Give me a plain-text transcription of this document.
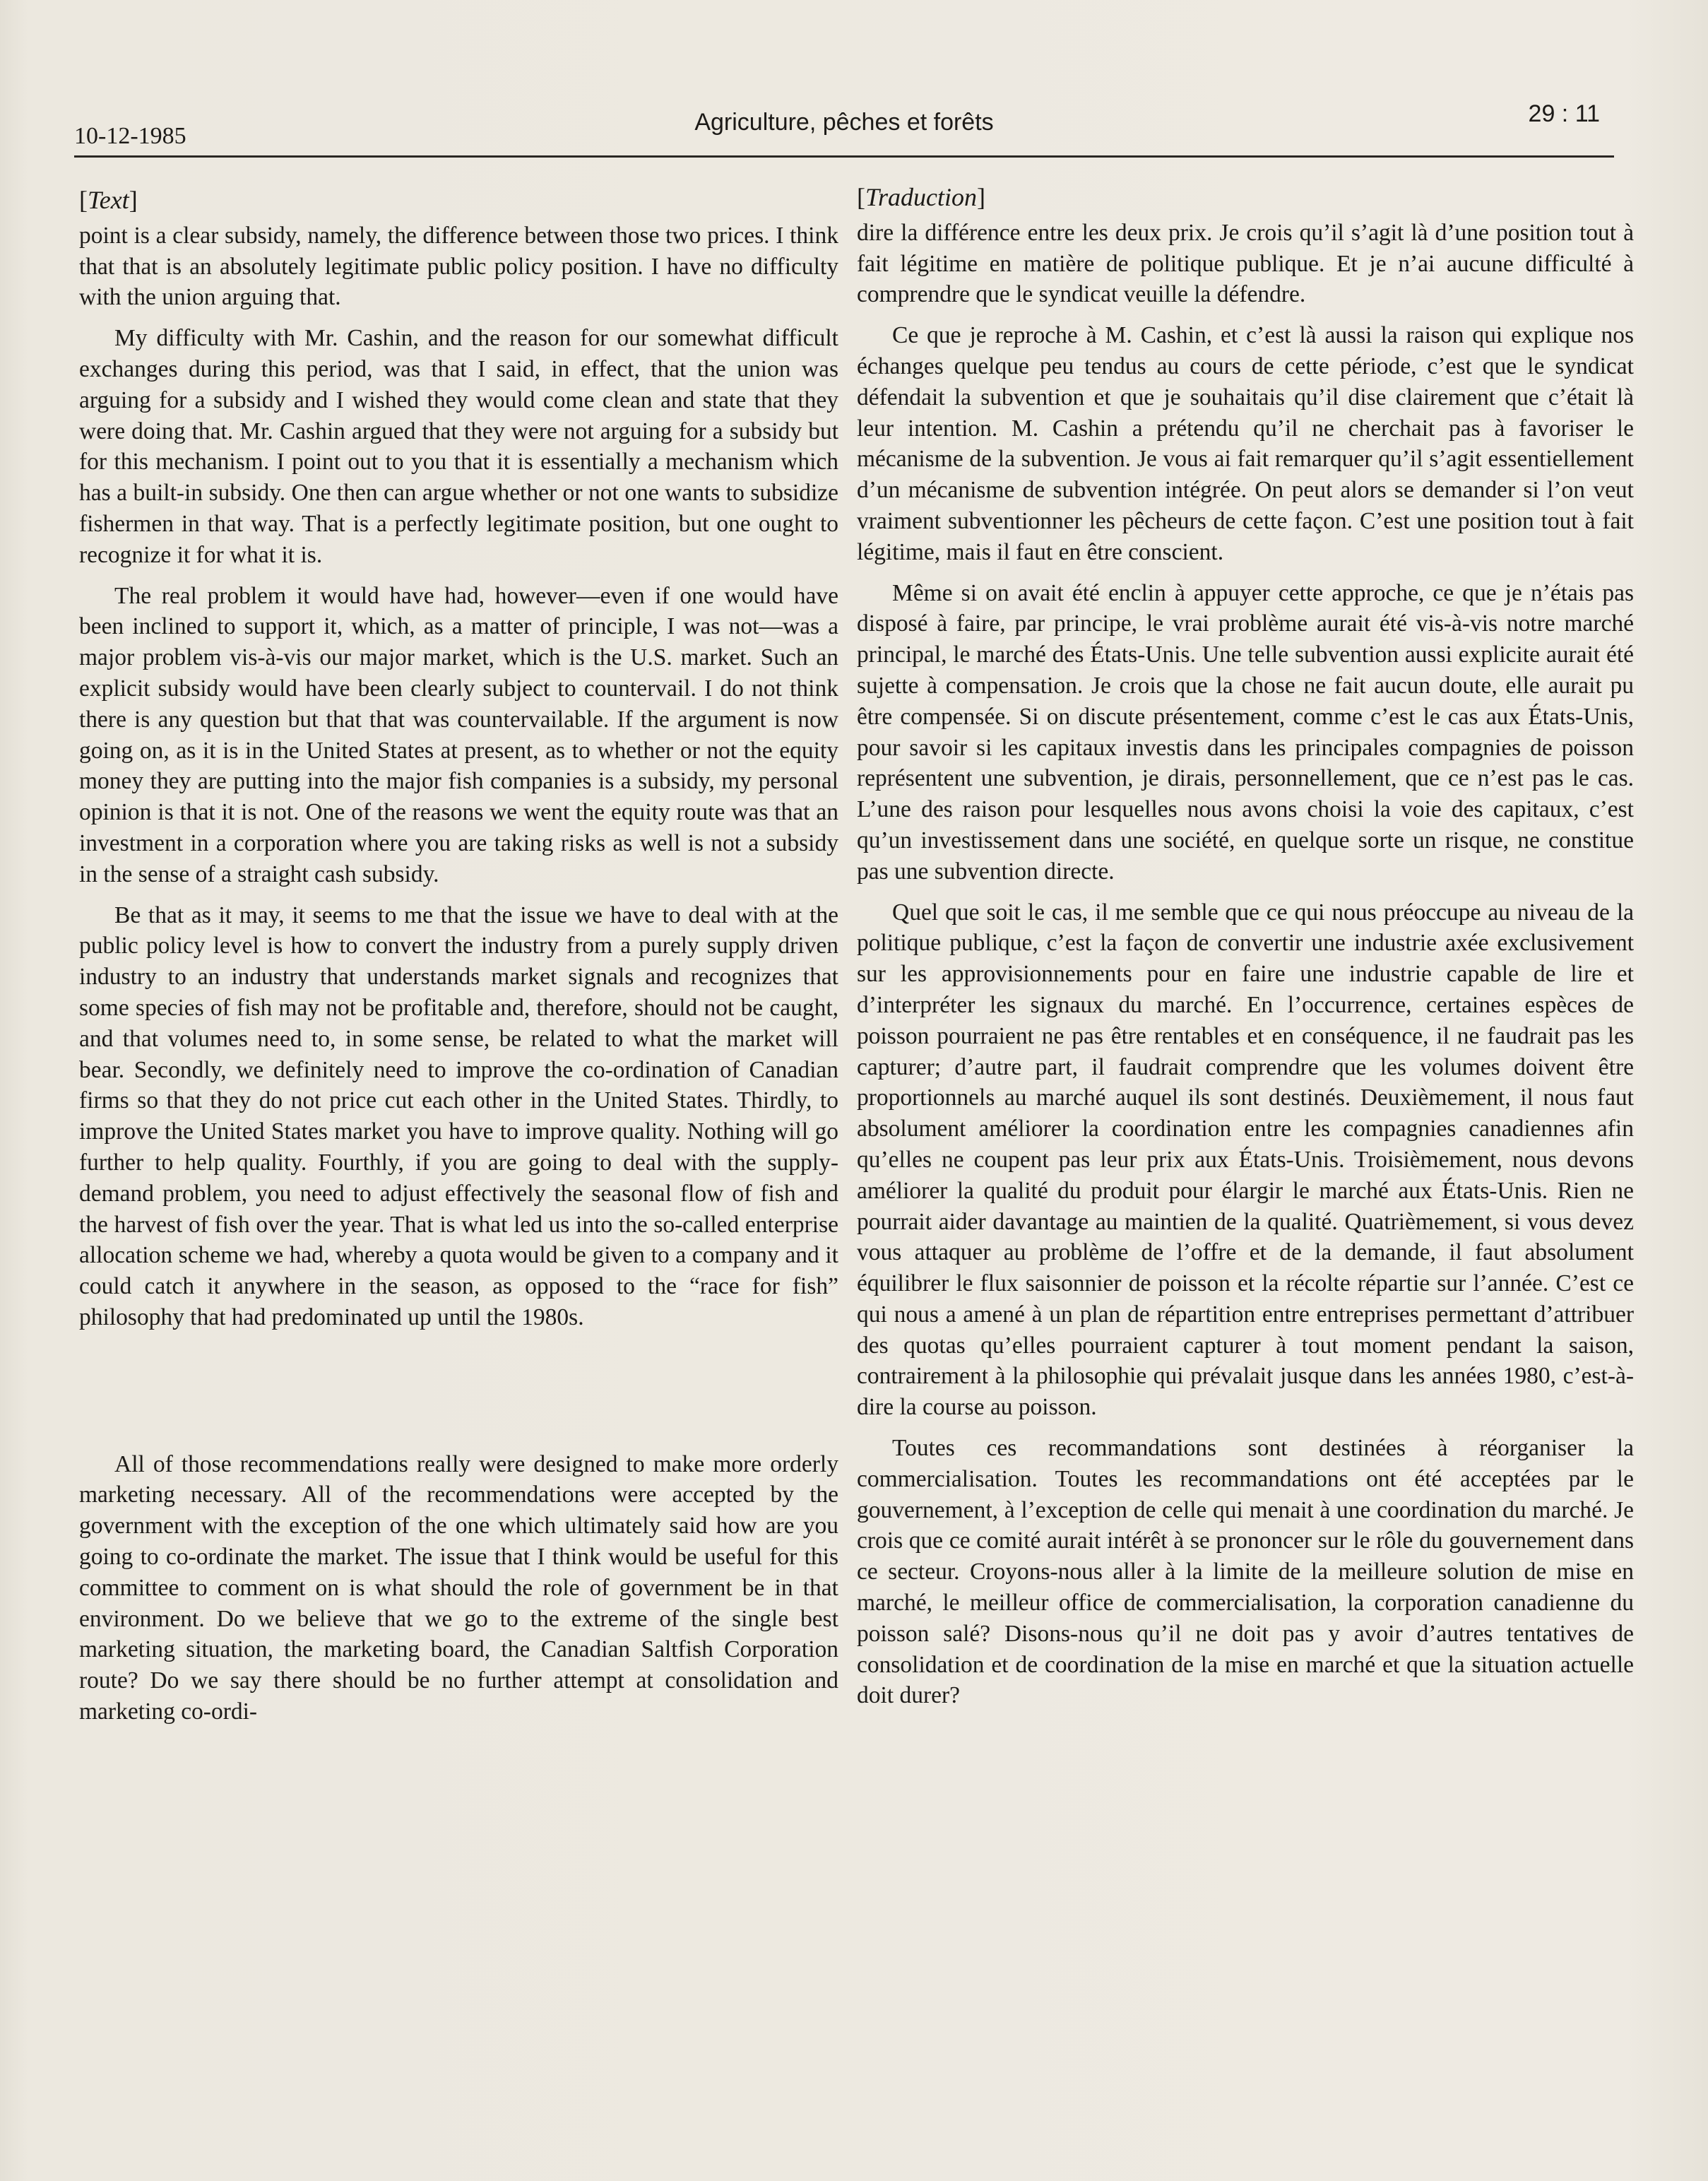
10-12-1985
Agriculture, pêches et forêts	29 : 11
[Text]

point is a clear subsidy, namely, the difference between those two prices. I think that that is an absolutely legitimate public policy position. I have no difficulty with the union arguing that.

My difficulty with Mr. Cashin, and the reason for our somewhat difficult exchanges during this period, was that I said, in effect, that the union was arguing for a subsidy and I wished they would come clean and state that they were doing that. Mr. Cashin argued that they were not arguing for a subsidy but for this mechanism. I point out to you that it is essentially a mechanism which has a built-in subsidy. One then can argue whether or not one wants to subsidize fishermen in that way. That is a perfectly legitimate position, but one ought to recognize it for what it is.

The real problem it would have had, however—even if one would have been inclined to support it, which, as a matter of principle, I was not—was a major problem vis-à-vis our major market, which is the U.S. market. Such an explicit subsidy would have been clearly subject to countervail. I do not think there is any question but that that was countervailable. If the argument is now going on, as it is in the United States at present, as to whether or not the equity money they are putting into the major fish companies is a subsidy, my personal opinion is that it is not. One of the reasons we went the equity route was that an investment in a corporation where you are taking risks as well is not a subsidy in the sense of a straight cash subsidy.

Be that as it may, it seems to me that the issue we have to deal with at the public policy level is how to convert the industry from a purely supply driven industry to an industry that understands market signals and recognizes that some species of fish may not be profitable and, therefore, should not be caught, and that volumes need to, in some sense, be related to what the market will bear. Secondly, we definitely need to improve the co-ordination of Canadian firms so that they do not price cut each other in the United States. Thirdly, to improve the United States market you have to improve quality. Nothing will go further to help quality. Fourthly, if you are going to deal with the supply-demand problem, you need to adjust effectively the seasonal flow of fish and the harvest of fish over the year. That is what led us into the so-called enterprise allocation scheme we had, whereby a quota would be given to a company and it could catch it anywhere in the season, as opposed to the “race for fish” philosophy that had predominated up until the 1980s.

All of those recommendations really were designed to make more orderly marketing necessary. All of the recommendations were accepted by the government with the exception of the one which ultimately said how are you going to co-ordinate the market. The issue that I think would be useful for this committee to comment on is what should the role of government be in that environment. Do we believe that we go to the extreme of the single best marketing situation, the marketing board, the Canadian Saltfish Corporation route? Do we say there should be no further attempt at consolidation and marketing co-ordi-

[Traduction]

dire la différence entre les deux prix. Je crois qu’il s’agit là d’une position tout à fait légitime en matière de politique publique. Et je n’ai aucune difficulté à comprendre que le syndicat veuille la défendre.

Ce que je reproche à M. Cashin, et c’est là aussi la raison qui explique nos échanges quelque peu tendus au cours de cette période, c’est que le syndicat défendait la subvention et que je souhaitais qu’il dise clairement que c’était là leur intention. M. Cashin a prétendu qu’il ne cherchait pas à favoriser le mécanisme de la subvention. Je vous ai fait remarquer qu’il s’agit essentiellement d’un mécanisme de subvention intégrée. On peut alors se demander si l’on veut vraiment subventionner les pêcheurs de cette façon. C’est une position tout à fait légitime, mais il faut en être conscient.

Même si on avait été enclin à appuyer cette approche, ce que je n’étais pas disposé à faire, par principe, le vrai problème aurait été vis-à-vis notre marché principal, le marché des États-Unis. Une telle subvention aussi explicite aurait été sujette à compensation. Je crois que la chose ne fait aucun doute, elle aurait pu être compensée. Si on discute présentement, comme c’est le cas aux États-Unis, pour savoir si les capitaux investis dans les principales compagnies de poisson représentent une subvention, je dirais, personnellement, que ce n’est pas le cas. L’une des raison pour lesquelles nous avons choisi la voie des capitaux, c’est qu’un investissement dans une société, en quelque sorte un risque, ne constitue pas une subvention directe.

Quel que soit le cas, il me semble que ce qui nous préoccupe au niveau de la politique publique, c’est la façon de convertir une industrie axée exclusivement sur les approvisionnements pour en faire une industrie capable de lire et d’interpréter les signaux du marché. En l’occurrence, certaines espèces de poisson pourraient ne pas être rentables et en conséquence, il ne faudrait pas les capturer; d’autre part, il faudrait comprendre que les volumes doivent être proportionnels au marché auquel ils sont destinés. Deuxièmement, il nous faut absolument améliorer la coordination entre les compagnies canadiennes afin qu’elles ne coupent pas leur prix aux États-Unis. Troisièmement, nous devons améliorer la qualité du produit pour élargir le marché aux États-Unis. Rien ne pourrait aider davantage au maintien de la qualité. Quatrièmement, si vous devez vous attaquer au problème de l’offre et de la demande, il faut absolument équilibrer le flux saisonnier de poisson et la récolte répartie sur l’année. C’est ce qui nous a amené à un plan de répartition entre entreprises permettant d’attribuer des quotas qu’elles pourraient capturer à tout moment pendant la saison, contrairement à la philosophie qui prévalait jusque dans les années 1980, c’est-à-dire la course au poisson.

Toutes ces recommandations sont destinées à réorganiser la commercialisation. Toutes les recommandations ont été acceptées par le gouvernement, à l’exception de celle qui menait à une coordination du marché. Je crois que ce comité aurait intérêt à se prononcer sur le rôle du gouvernement dans ce secteur. Croyons-nous aller à la limite de la meilleure solution de mise en marché, le meilleur office de commercialisation, la corporation canadienne du poisson salé? Disons-nous qu’il ne doit pas y avoir d’autres tentatives de consolidation et de coordination de la mise en marché et que la situation actuelle doit durer?
